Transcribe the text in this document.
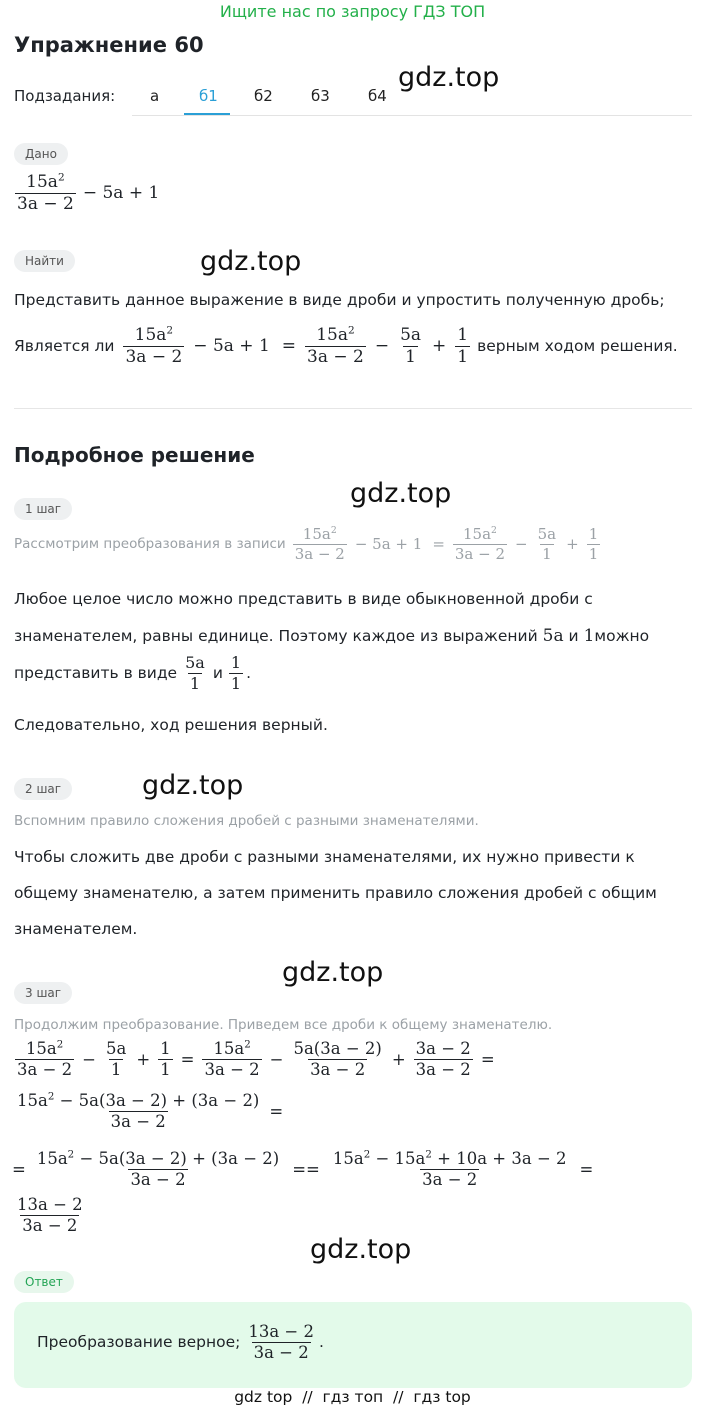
Ищите нас по запросу ГДЗ ТОП
Упражнение 60
Подзадания: а	б1 б2	б3	б4
gdz.top
Дано
$\frac{15a^2}{3a - 2} - 5a + 1$
Найти	gdz.top
Представить данное выражение в виде дроби и упростить полученную дробь;
Является ли $\frac{15a^2}{3a - 2} - 5a + 1 = \frac{15a^2}{3a - 2} - \frac{5a}{1} + \frac{1}{1}$ верным ходом решения.
Подробное решение
1 шаг	gdz.top
Рассмотрим преобразования в записи $\frac{15a^2}{3a - 2} - 5a + 1 = \frac{15a^2}{3a - 2} - \frac{5a}{1} + \frac{1}{1}$
Любое целое число можно представить в виде обыкновенной дроби с
знаменателем, равны единице. Поэтому каждое из выражений 5a и 1можно
представить в виде $\frac{5a}{1}$ и $\frac{1}{1}$ .
Следовательно, ход решения верный.
2 шаг	gdz.top
Вспомним правило сложения дробей с разными знаменателями.
Чтобы сложить две дроби с разными знаменателями, их нужно привести к
общему знаменателю, а затем применить правило сложения дробей с общим
знаменателем.
3 шаг
gdz.top
Продолжим преобразование. Приведем все дроби к общему знаменателю.
$\frac{15a^2}{3a - 2} - \frac{5a}{1} + \frac{1}{1} = \frac{15a^2}{3a - 2} - \frac{5a(3a - 2)}{3a - 2} + \frac{3a - 2}{3a - 2}$ =
$\frac{15a^2 - 5a(3a - 2) + (3a - 2)}{3a - 2}$ =
= $\frac{15a^2 - 5a(3a - 2) + (3a - 2)}{3a - 2} == \frac{15a^2 - 15a^2 + 10a + 3a - 2}{3a - 2}$ =
$\frac{13a - 2}{3a - 2}$
gdz.top
Ответ
Преобразование верное; $\frac{13a - 2}{3a - 2}$ .
gdz top  //  гдз топ  //  гдз top
